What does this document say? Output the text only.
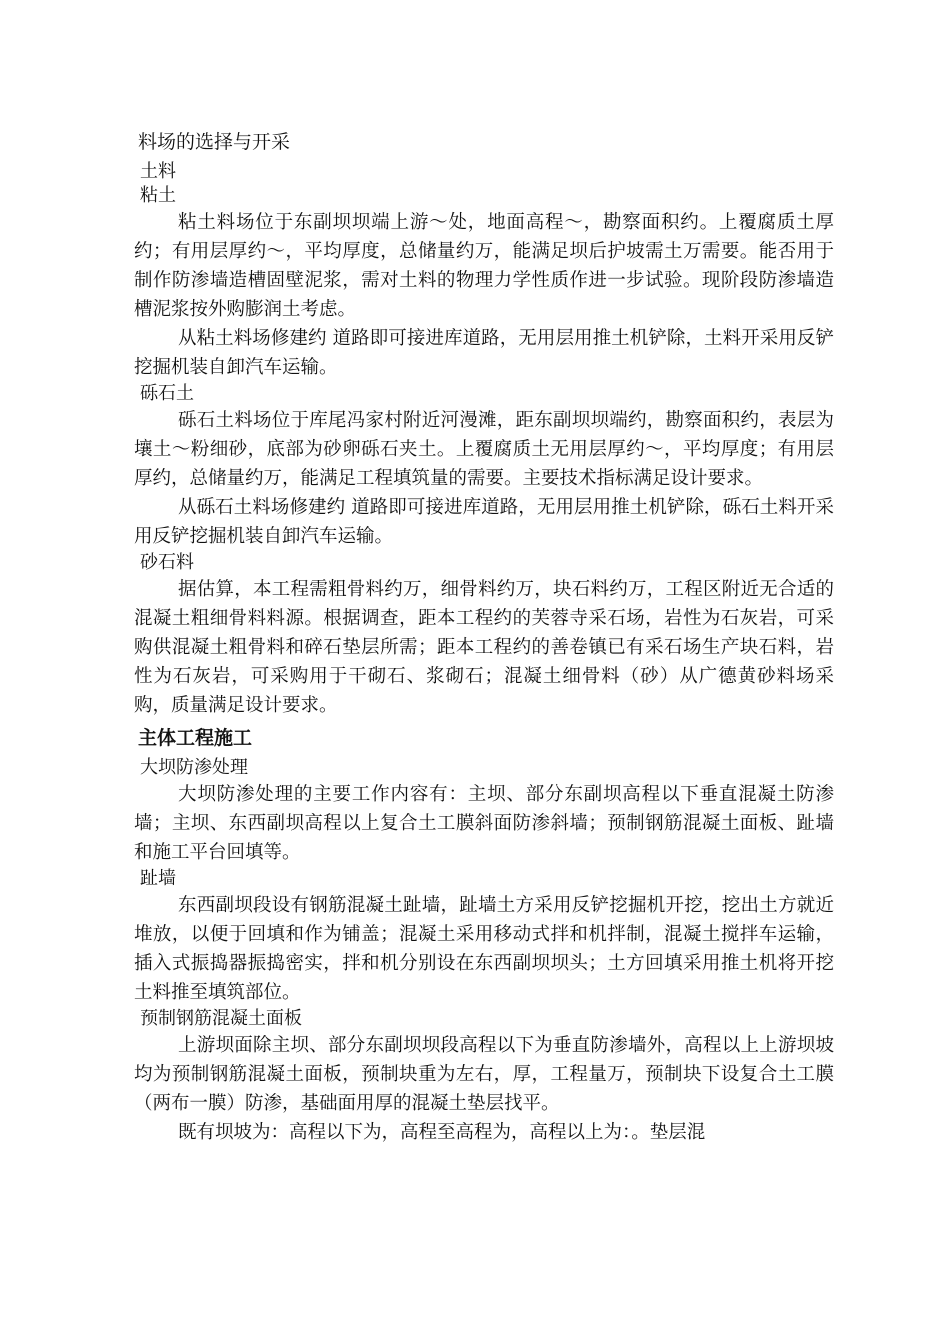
料场的选择与开采
土料
粘土

粘土料场位于东副坝坝端上游～处，地面高程～，勘察面积约。上覆腐质土厚约；有用层厚约～，平均厚度，总储量约万，能满足坝后护坡需土万需要。能否用于制作防渗墙造槽固壁泥浆，需对土料的物理力学性质作进一步试验。现阶段防渗墙造槽泥浆按外购膨润土考虑。

从粘土料场修建约 道路即可接进库道路，无用层用推土机铲除，土料开采用反铲挖掘机装自卸汽车运输。

砾石土

砾石土料场位于库尾冯家村附近河漫滩，距东副坝坝端约，勘察面积约，表层为壤土～粉细砂，底部为砂卵砾石夹土。上覆腐质土无用层厚约～，平均厚度；有用层厚约，总储量约万，能满足工程填筑量的需要。主要技术指标满足设计要求。

从砾石土料场修建约 道路即可接进库道路，无用层用推土机铲除，砾石土料开采用反铲挖掘机装自卸汽车运输。

砂石料

据估算，本工程需粗骨料约万，细骨料约万，块石料约万，工程区附近无合适的混凝土粗细骨料料源。根据调查，距本工程约的芙蓉寺采石场，岩性为石灰岩，可采购供混凝土粗骨料和碎石垫层所需；距本工程约的善卷镇已有采石场生产块石料，岩性为石灰岩，可采购用于干砌石、浆砌石；混凝土细骨料（砂）从广德黄砂料场采购，质量满足设计要求。

主体工程施工
大坝防渗处理

大坝防渗处理的主要工作内容有：主坝、部分东副坝高程以下垂直混凝土防渗墙；主坝、东西副坝高程以上复合土工膜斜面防渗斜墙；预制钢筋混凝土面板、趾墙和施工平台回填等。

趾墙

东西副坝段设有钢筋混凝土趾墙，趾墙土方采用反铲挖掘机开挖，挖出土方就近堆放，以便于回填和作为铺盖；混凝土采用移动式拌和机拌制，混凝土搅拌车运输，插入式振捣器振捣密实，拌和机分别设在东西副坝坝头；土方回填采用推土机将开挖土料推至填筑部位。

预制钢筋混凝土面板

上游坝面除主坝、部分东副坝坝段高程以下为垂直防渗墙外，高程以上上游坝坡均为预制钢筋混凝土面板，预制块重为左右，厚，工程量万，预制块下设复合土工膜（两布一膜）防渗，基础面用厚的混凝土垫层找平。

既有坝坡为：高程以下为，高程至高程为，高程以上为：。垫层混
